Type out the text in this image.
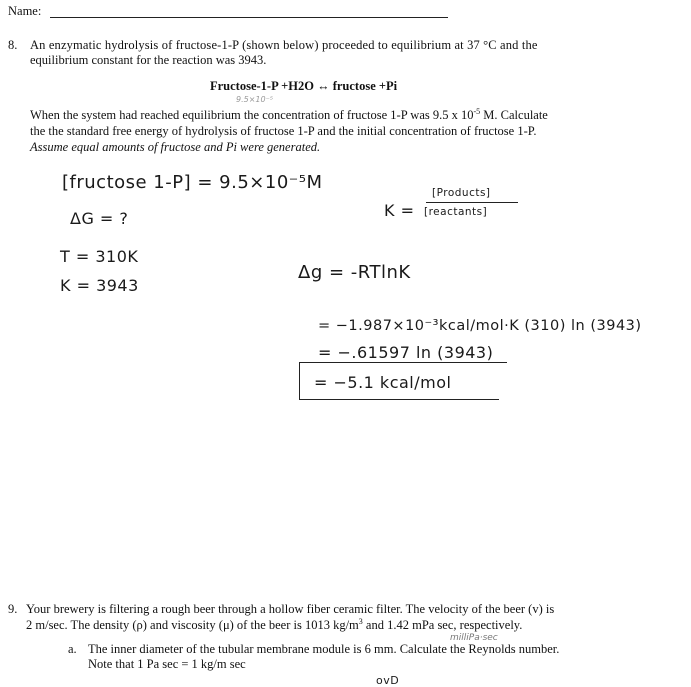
Name:
8. An enzymatic hydrolysis of fructose-1-P (shown below) proceeded to equilibrium at 37 °C and the
equilibrium constant for the reaction was 3943.
Fructose-1-P +H2O ↔ fructose +Pi
9.5×10⁻⁵
When the system had reached equilibrium the concentration of fructose 1-P was 9.5 x $10^{-5}$ M. Calculate
the the standard free energy of hydrolysis of fructose 1-P and the initial concentration of fructose 1-P.
Assume equal amounts of fructose and Pi were generated.
[fructose 1-P] = 9.5×10⁻⁵M
ΔG = ?
T = 310K
K = 3943
K =
[Products]
[reactants]
Δg = -RTlnK
= −1.987×10⁻³kcal/mol·K (310) ln (3943)
= −.61597 ln (3943)
= −5.1 kcal/mol
9. Your brewery is filtering a rough beer through a hollow fiber ceramic filter. The velocity of the beer (v) is
2 m/sec. The density (ρ) and viscosity (μ) of the beer is 1013 $kg/m^3$ and 1.42 mPa sec, respectively.
milliPa·sec
a. The inner diameter of the tubular membrane module is 6 mm. Calculate the Reynolds number.
Note that 1 Pa sec = 1 kg/m sec
ovD
